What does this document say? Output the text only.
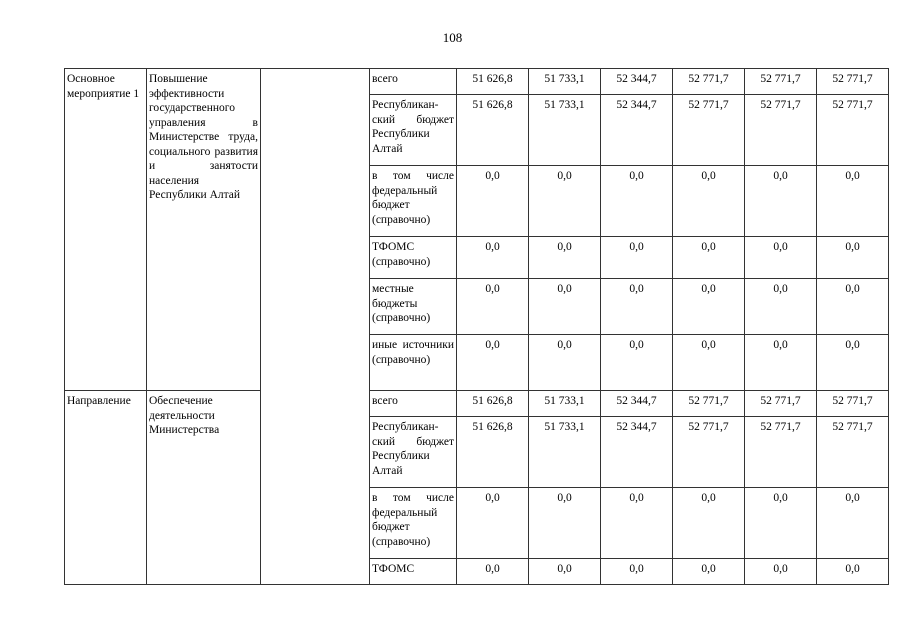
108
Основное мероприятие 1	Повышение эффективности государственного управления в Министерстве труда, социального развития и занятости населения Республики Алтай		всего	51 626,8	51 733,1	52 344,7	52 771,7	52 771,7	52 771,7

			Республикан-ский бюджет Республики Алтай	51 626,8	51 733,1	52 344,7	52 771,7	52 771,7	52 771,7

			в том числе федеральный бюджет (справочно)	0,0	0,0	0,0	0,0	0,0	0,0

			ТФОМС (справочно)	0,0	0,0	0,0	0,0	0,0	0,0

			местные бюджеты (справочно)	0,0	0,0	0,0	0,0	0,0	0,0

			иные источники (справочно)	0,0	0,0	0,0	0,0	0,0	0,0
Направление	Обеспечение деятельности Министерства		всего	51 626,8	51 733,1	52 344,7	52 771,7	52 771,7	52 771,7

			Республикан-ский бюджет Республики Алтай	51 626,8	51 733,1	52 344,7	52 771,7	52 771,7	52 771,7

			в том числе федеральный бюджет (справочно)	0,0	0,0	0,0	0,0	0,0	0,0

			ТФОМС	0,0	0,0	0,0	0,0	0,0	0,0
